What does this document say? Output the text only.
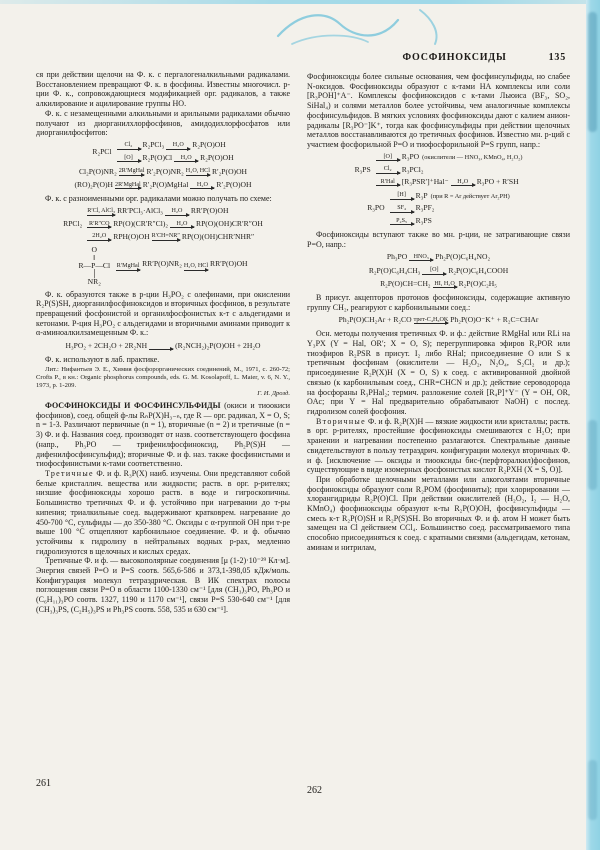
ся при действии щелочи на Ф. к. с пергалогеналкильными радикалами. Восстановлением превращают Ф. к. в фосфины. Известны многочисл. р-ции Ф. к., сопровождающиеся модификацией орг. радикалов, а также алкилирование и ацилирование группы НО.

Ф. к. с незамещенными алкильными и арильными радикалами обычно получают из диорганилхлорфосфинов, амидодихлорфосфатов или диорганилфосфитов:

R₂PCl
Cl₂ R₂PCl₃ H₂O R₂P(O)OH
[O] R₂P(O)Cl H₂O R₂P(O)OH
Cl₂P(O)NR₂ 2R′MgHal R′₂P(O)NR₂ H₂O, HCl R′₂P(O)OH
(RO)₂P(O)H 2R′MgHal R′₂P(O)MgHal H₂O R′₂P(O)OH

Ф. к. с разноименными орг. радикалами можно получать по схеме:

RPCl₂
R′Cl, AlCl₃ RR′PCl₃·AlCl₃ H₂O RR′P(O)OH
R′R″CO RP(O)(CR′R″Cl)₂ H₂O RP(O)(OH)CR′R″OH
2H₂O RPH(O)OH R′CH=NR″ RP(O)(OH)CHR′NHR″
O
‖
R—P—Cl
│
NR₂
R′MgHal RR′P(O)NR₂ H₂O, HCl RR′P(O)OH

Ф. к. образуются также в р-ции H₃PO₂ с олефинами, при окислении R₂P(S)SH, диорганилфосфиноксидов и вторичных фосфинов, в результате превращений фосфонистой и органилфосфонистых к-т с альдегидами и кетонами. Р-ция H₃PO₂ с альдегидами и вторичными аминами приводит к α-аминоалкилзамещенным Ф. к.:

H₃PO₂ + 2CH₂O + 2R₂NH
→ (R₂NCH₂)₂P(O)OH + 2H₂O

Ф. к. используют в лаб. практике.

Лит.: Нифантьев Э. Е., Химия фосфорорганических соединений, М., 1971, с. 260-72; Crofts P., в кн.: Organic phosphorus compounds, eds. G. M. Kosolapoff, L. Maier, v. 6, N. Y., 1973, p. 1-209.
Г. И. Дрозд.

ФОСФИНОКСИДЫ И ФОСФИНСУЛЬФИДЫ (окиси и тиоокиси фосфинов), соед. общей ф-лы RₙP(X)H₃₋ₙ, где R — орг. радикал, X = O, S; n = 1-3. Различают первичные (n = 1), вторичные (n = 2) и третичные (n = 3) Ф. и ф. Названия соед. производят от назв. соответствующего фосфина (напр., Ph₃PO — трифенилфосфиноксид, Ph₂P(S)H — дифенилфосфинсульфид); вторичные Ф. и ф. наз. также фосфинистыми и тиофосфинистыми к-тами соответственно.

Третичные Ф. и ф. R₃P(X) наиб. изучены. Они представляют собой белые кристаллич. вещества или жидкости; раств. в орг. р-рителях; низшие фосфиноксиды хорошо раств. в воде и гигроскопичны. Большинство третичных Ф. и ф. устойчиво при нагревании до т-ры кипения; триалкильные соед. выдерживают кратковрем. нагревание до 450-700 °C, сульфиды — до 350-380 °C. Оксиды с α-группой OH при т-ре выше 100 °C отщепляют карбонильное соединение. Ф. и ф. обычно устойчивы к гидролизу в нейтральных водных р-рах, медленно гидролизуются в щелочных и кислых средах.

Третичные Ф. и ф. — высокополярные соединения [μ (1-2)·10⁻²⁹ Кл·м]. Энергия связей P=O и P=S соотв. 565,6-586 и 373,1-398,05 кДж/моль. Конфигурация молекул тетраэдрическая. В ИК спектрах полосы поглощения связи P=O в области 1100-1330 см⁻¹ [для (CH₃)₃PO, Ph₃PO и (C₆H₁₁)₃PO соотв. 1327, 1190 и 1170 см⁻¹], связи P=S 530-640 см⁻¹ [для (CH₃)₃PS, (C₂H₅)₃PS и Ph₃PS соотв. 558, 535 и 630 см⁻¹].

ФОСФИНОКСИДЫ	135

Фосфиноксиды более сильные основания, чем фосфинсульфиды, но слабее N-оксидов. Фосфиноксиды образуют с к-тами HA комплексы или соли [R₃POH]⁺A⁻. Комплексы фосфиноксидов с к-тами Льюиса (BF₃, SO₂, SiHal₄) и солями металлов более устойчивы, чем аналогичные комплексы фосфинсульфидов. В мягких условиях фосфиноксиды дают с калием анион-радикалы [R₃PO⁻]K⁺, тогда как фосфинсульфиды при действии щелочных металлов восстанавливаются до третичных фосфинов. Известно мн. р-ций с участием фосфорильной P=O и тиофосфорильной P=S групп, напр.:

R₃PS
[O] R₃PO (окислители — HNO₃, KMnO₄, H₂O₂)
Cl₂ R₃PCl₂
R′Hal [R₃PSR′]⁺Hal⁻ H₂O R₃PO + R′SH
R₃PO
[H] R₃P (при R = Ar действует Ar₂PH)
SF₄ R₃PF₂
P₂S₅ R₃PS

Фосфиноксиды вступают также во мн. р-ции, не затрагивающие связи P=O, напр.:

Ph₃PO HNO₃ Ph₂P(O)C₆H₄NO₂
R₂P(O)C₆H₄CH₃ [O] R₂P(O)C₆H₄COOH
R₂P(O)CH=CH₂ HI, H₂O R₂P(O)C₂H₅

В присут. акцепторов протонов фосфиноксиды, содержащие активную группу CH₂, реагируют с карбонильными соед.:

Ph₂P(O)CH₂Ar + R₂CO трет-C₄H₉OK Ph₂P(O)O⁻K⁺ + R₂C=CHAr

Осн. методы получения третичных Ф. и ф.: действие RMgHal или RLi на Y₃PX (Y = Hal, OR′; X = O, S); перегруппировка эфиров R₂POR или тиоэфиров R₂PSR в присут. I₂ либо RHal; присоединение O или S к третичным фосфинам (окислители — H₂O₂, N₂O₄, S₂Cl₂ и др.); присоединение R₂P(X)H (X = O, S) к соед. с активированной двойной связью (к карбонильным соед., CHR=CHCN и др.); действие сероводорода на фосфораны R₃PHal₂; термич. разложение солей [R₄P]⁺Y⁻ (Y = OH, OR, OAc; при Y = Hal предварительно обрабатывают NaOH) с послед. гидролизом солей фосфония.

Вторичные Ф. и ф. R₂P(X)H — вязкие жидкости или кристаллы; раств. в орг. р-рителях, простейшие фосфиноксиды смешиваются с H₂O; при хранении и нагревании постепенно разлагаются. Спектральные данные свидетельствуют в пользу тетраэдрич. конфигурации молекул вторичных Ф. и ф. [исключение — оксиды и тиооксиды бис-(перфторалкил)фосфинов, существующие в виде изомерных фосфонистых кислот R₂PXH (X = S, O)].

При обработке щелочными металлами или алкоголятами вторичные фосфиноксиды образуют соли R₂POM (фосфиниты); при хлорировании — хлорангидриды R₂P(O)Cl. При действии окислителей (H₂O₂, I₂ — H₂O, KMnO₄) фосфиноксиды образуют к-ты R₂P(O)OH, фосфинсульфиды — смесь к-т R₂P(O)SH и R₂P(S)SH. Во вторичных Ф. и ф. атом H может быть замещен на Cl действием CCl₄. Большинство соед. рассматриваемого типа способно присоединяться к соед. с кратными связями (альдегидам, кетонам, аминам и нитрилам,

261
262
